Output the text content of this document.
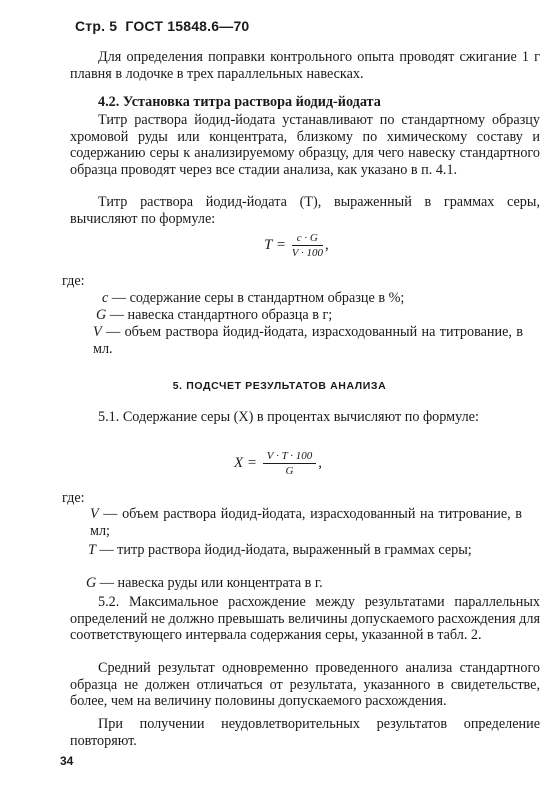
Стр. 5 ГОСТ 15848.6—70
Для определения поправки контрольного опыта проводят сжигание 1 г плавня в лодочке в трех параллельных навесках.
4.2. Установка титра раствора йодид-йодата
Титр раствора йодид-йодата устанавливают по стандартному образцу хромовой руды или концентрата, близкому по химическому составу и содержанию серы к анализируемому образцу, для чего навеску стандартного образца проводят через все стадии анализа, как указано в п. 4.1.
Титр раствора йодид-йодата (Т), выраженный в граммах серы, вычисляют по формуле:
$T = \frac{c \cdot G}{V \cdot 100}$ ,
где:
c — содержание серы в стандартном образце в %;
G — навеска стандартного образца в г;
V — объем раствора йодид-йодата, израсходованный на титрование, в мл.
5. ПОДСЧЕТ РЕЗУЛЬТАТОВ АНАЛИЗА
5.1. Содержание серы (X) в процентах вычисляют по формуле:
$X = \frac{V \cdot T \cdot 100}{G}$ ,
где:
V — объем раствора йодид-йодата, израсходованный на титрование, в мл;
T — титр раствора йодид-йодата, выраженный в граммах серы;
G — навеска руды или концентрата в г.
5.2. Максимальное расхождение между результатами параллельных определений не должно превышать величины допускаемого расхождения для соответствующего интервала содержания серы, указанной в табл. 2.
Средний результат одновременно проведенного анализа стандартного образца не должен отличаться от результата, указанного в свидетельстве, более, чем на величину половины допускаемого расхождения.
При получении неудовлетворительных результатов определение повторяют.
34
